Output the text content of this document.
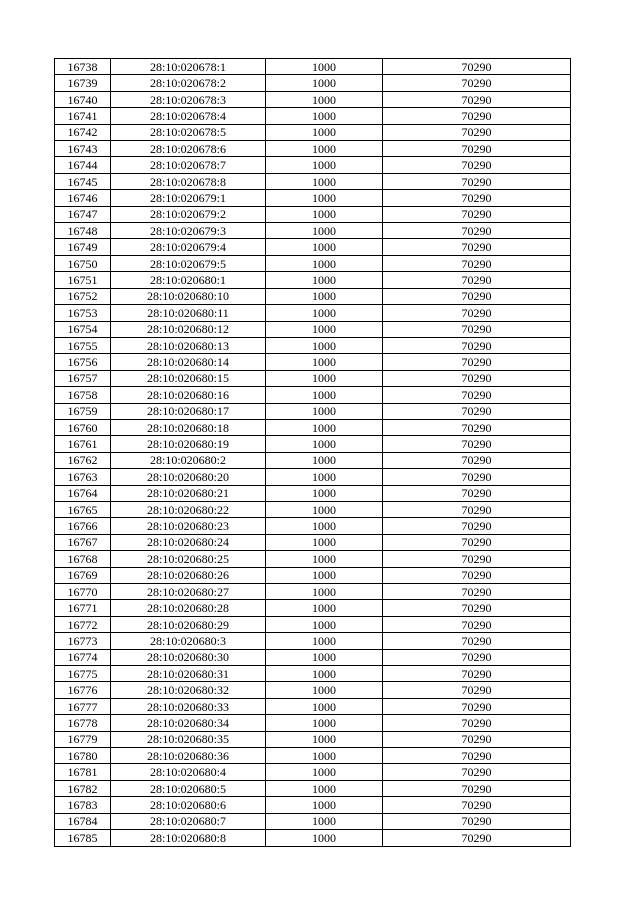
16738	28:10:020678:1	1000	70290
16739	28:10:020678:2	1000	70290
16740	28:10:020678:3	1000	70290
16741	28:10:020678:4	1000	70290
16742	28:10:020678:5	1000	70290
16743	28:10:020678:6	1000	70290
16744	28:10:020678:7	1000	70290
16745	28:10:020678:8	1000	70290
16746	28:10:020679:1	1000	70290
16747	28:10:020679:2	1000	70290
16748	28:10:020679:3	1000	70290
16749	28:10:020679:4	1000	70290
16750	28:10:020679:5	1000	70290
16751	28:10:020680:1	1000	70290
16752	28:10:020680:10	1000	70290
16753	28:10:020680:11	1000	70290
16754	28:10:020680:12	1000	70290
16755	28:10:020680:13	1000	70290
16756	28:10:020680:14	1000	70290
16757	28:10:020680:15	1000	70290
16758	28:10:020680:16	1000	70290
16759	28:10:020680:17	1000	70290
16760	28:10:020680:18	1000	70290
16761	28:10:020680:19	1000	70290
16762	28:10:020680:2	1000	70290
16763	28:10:020680:20	1000	70290
16764	28:10:020680:21	1000	70290
16765	28:10:020680:22	1000	70290
16766	28:10:020680:23	1000	70290
16767	28:10:020680:24	1000	70290
16768	28:10:020680:25	1000	70290
16769	28:10:020680:26	1000	70290
16770	28:10:020680:27	1000	70290
16771	28:10:020680:28	1000	70290
16772	28:10:020680:29	1000	70290
16773	28:10:020680:3	1000	70290
16774	28:10:020680:30	1000	70290
16775	28:10:020680:31	1000	70290
16776	28:10:020680:32	1000	70290
16777	28:10:020680:33	1000	70290
16778	28:10:020680:34	1000	70290
16779	28:10:020680:35	1000	70290
16780	28:10:020680:36	1000	70290
16781	28:10:020680:4	1000	70290
16782	28:10:020680:5	1000	70290
16783	28:10:020680:6	1000	70290
16784	28:10:020680:7	1000	70290
16785	28:10:020680:8	1000	70290
